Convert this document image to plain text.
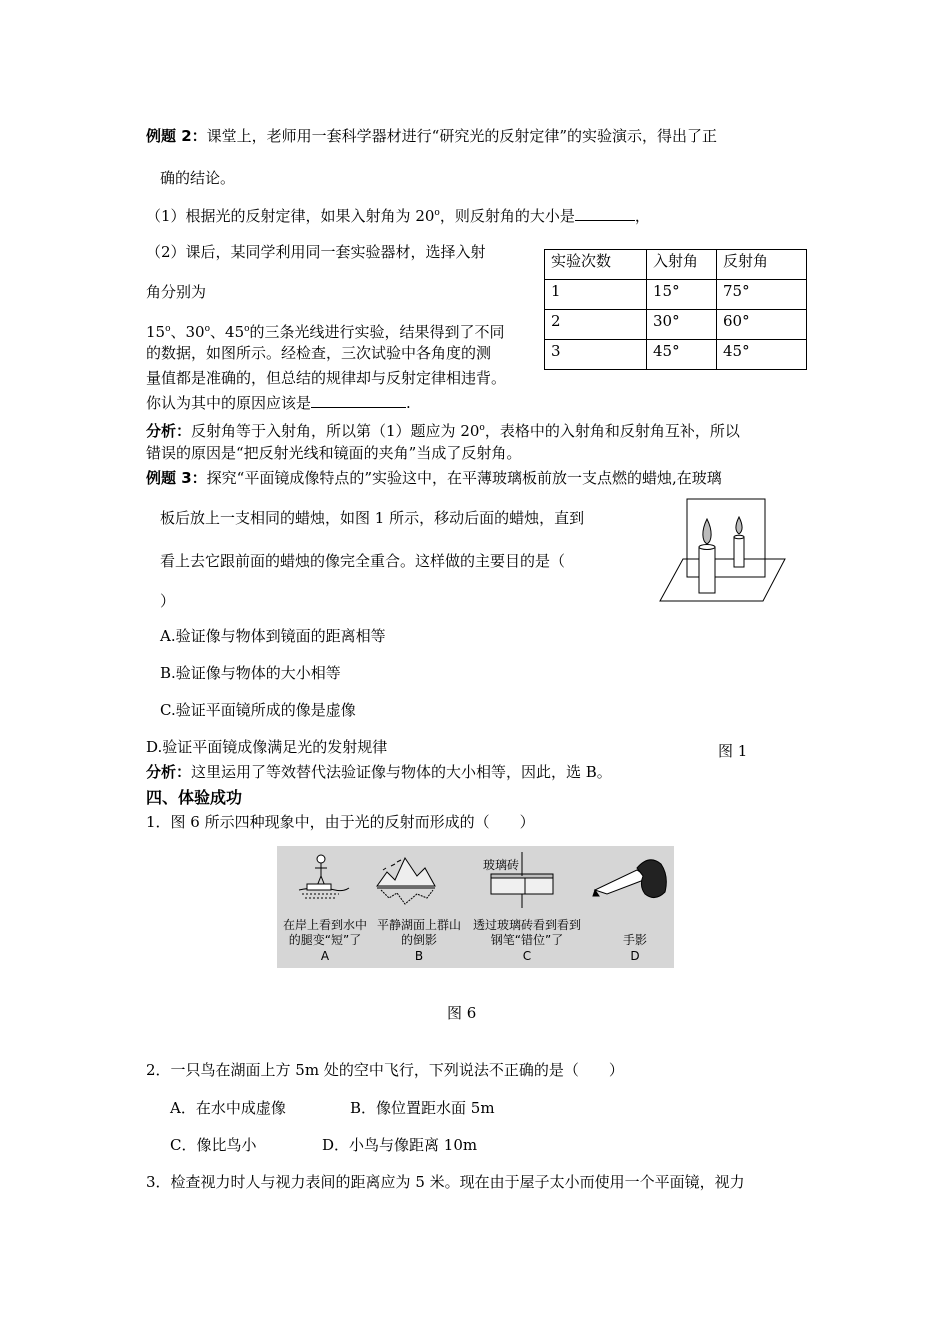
例题 2：课堂上，老师用一套科学器材进行“研究光的反射定律”的实验演示，得出了正
确的结论。
（1）根据光的反射定律，如果入射角为 20$^o$，则反射角的大小是	，
（2）课后，某同学利用同一套实验器材，选择入射
角分别为
15$^o$、30$^o$、45$^o$的三条光线进行实验，结果得到了不同
的数据，如图所示。经检查，三次试验中各角度的测
量值都是准确的，但总结的规律却与反射定律相违背。
你认为其中的原因应该是	.
实验次数	入射角	反射角
1	15°	75°
2	30°	60°
3	45°	45°
分析：反射角等于入射角，所以第（1）题应为 20$^o$，表格中的入射角和反射角互补，所以
错误的原因是“把反射光线和镜面的夹角”当成了反射角。
例题 3：探究“平面镜成像特点的”实验这中，在平薄玻璃板前放一支点燃的蜡烛,在玻璃
板后放上一支相同的蜡烛，如图 1 所示，移动后面的蜡烛，直到
看上去它跟前面的蜡烛的像完全重合。这样做的主要目的是（
）
A.验证像与物体到镜面的距离相等
B.验证像与物体的大小相等
C.验证平面镜所成的像是虚像
D.验证平面镜成像满足光的发射规律	图 1
分析：这里运用了等效替代法验证像与物体的大小相等，因此，选 B。
四、体验成功
1．图 6 所示四种现象中，由于光的反射而形成的（　　）
玻璃砖
在岸上看到水中
的腿变“短”了
A
平静湖面上群山
的倒影
B
透过玻璃砖看到看到
钢笔“错位”了
C
手影
D
图 6
2．一只鸟在湖面上方 5m 处的空中飞行，下列说法不正确的是（　　）
A．在水中成虚像	B．像位置距水面 5m
C．像比鸟小	D．小鸟与像距离 10m
3．检查视力时人与视力表间的距离应为 5 米。现在由于屋子太小而使用一个平面镜，视力
